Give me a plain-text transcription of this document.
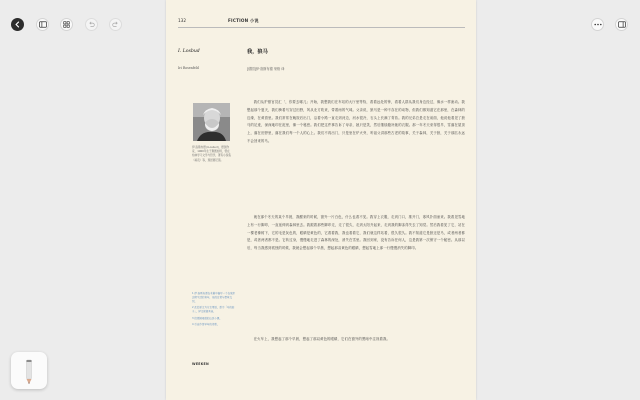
132	FICTION 小说
I. Losbud
Iri Rosenfeld
我，狼马
[德国]伊·洛斯布德 荣格 译
伊·洛斯布德(I.Losbud)，德国作家，1960年生于斯图加特，曾在柏林学习文学与哲学，著有小说集《雨夜》等，现居慕尼黑。
1 伊·洛斯布德在本篇中描写一个在城市边缘生活的青年，他的日常与想象交织。
2 此处原文为方言用语，意为「马的影子」，译文保留其音。
3 指德国南部的山区小镇。
4 引自作者早年的诗歌。
WEEKEN

我们从护照官员汇「，你要去哪儿」开始，我想我们在车站的大厅里等待，看着远处的钟，看着人群从我们身边经过，像水一样流动。我想起那个夏天，我们骑着马穿过田野，风从北方吹来，带着雨的气味。父亲说，狼马是一种不存在的动物，但我们都知道它在那里，在森林的边缘，在黄昏里。我们常常在晚饭后出门，沿着小路一直走到河边，河水很冷，石头上长满了青苔。我的兄弟总是走在前面，他说他看见了狼马的足迹，深深地印在泥里，像一个秘密。我们把这件事告诉了母亲，她只是笑，然后继续缝补她的衣服。那一年冬天来得很早，雪落在屋顶上，落在田野里，落在我们每一个人的心上。我们不再出门，只是坐在炉火旁，听祖父讲那些古老的故事，关于森林，关于狼，关于那匹永远不会回来的马。

就在那个冬天的某个早晨，我醒来的时候，窗外一片白色，什么也看不见。我穿上衣服，走到门口，推开门，寒风扑面而来。我看见雪地上有一行脚印，一直延伸到森林里去。我跟着那些脚印走，走了很久，走到太阳升起来，走到我的脚冻得失去了知觉。然后我看见了它，站在一棵老橡树下，它的毛是灰色的，眼睛是黄色的，它看着我，我也看着它，我们就这样站着，很久很久。我不知道它是狼还是马，或者两者都是，或者两者都不是。它转过身，慢慢地走进了森林的深处，消失在雪里。我回到家，没有告诉任何人，这是我第一次保守一个秘密。从那以后，每当我感到孤独的时候，我就会想起那个早晨，想起那双黄色的眼睛，想起雪地上那一行慢慢消失的脚印。

在火车上，我想起了那个早晨，想起了那双黄色的眼睛，它们在窗外的黑暗中注视着我。
